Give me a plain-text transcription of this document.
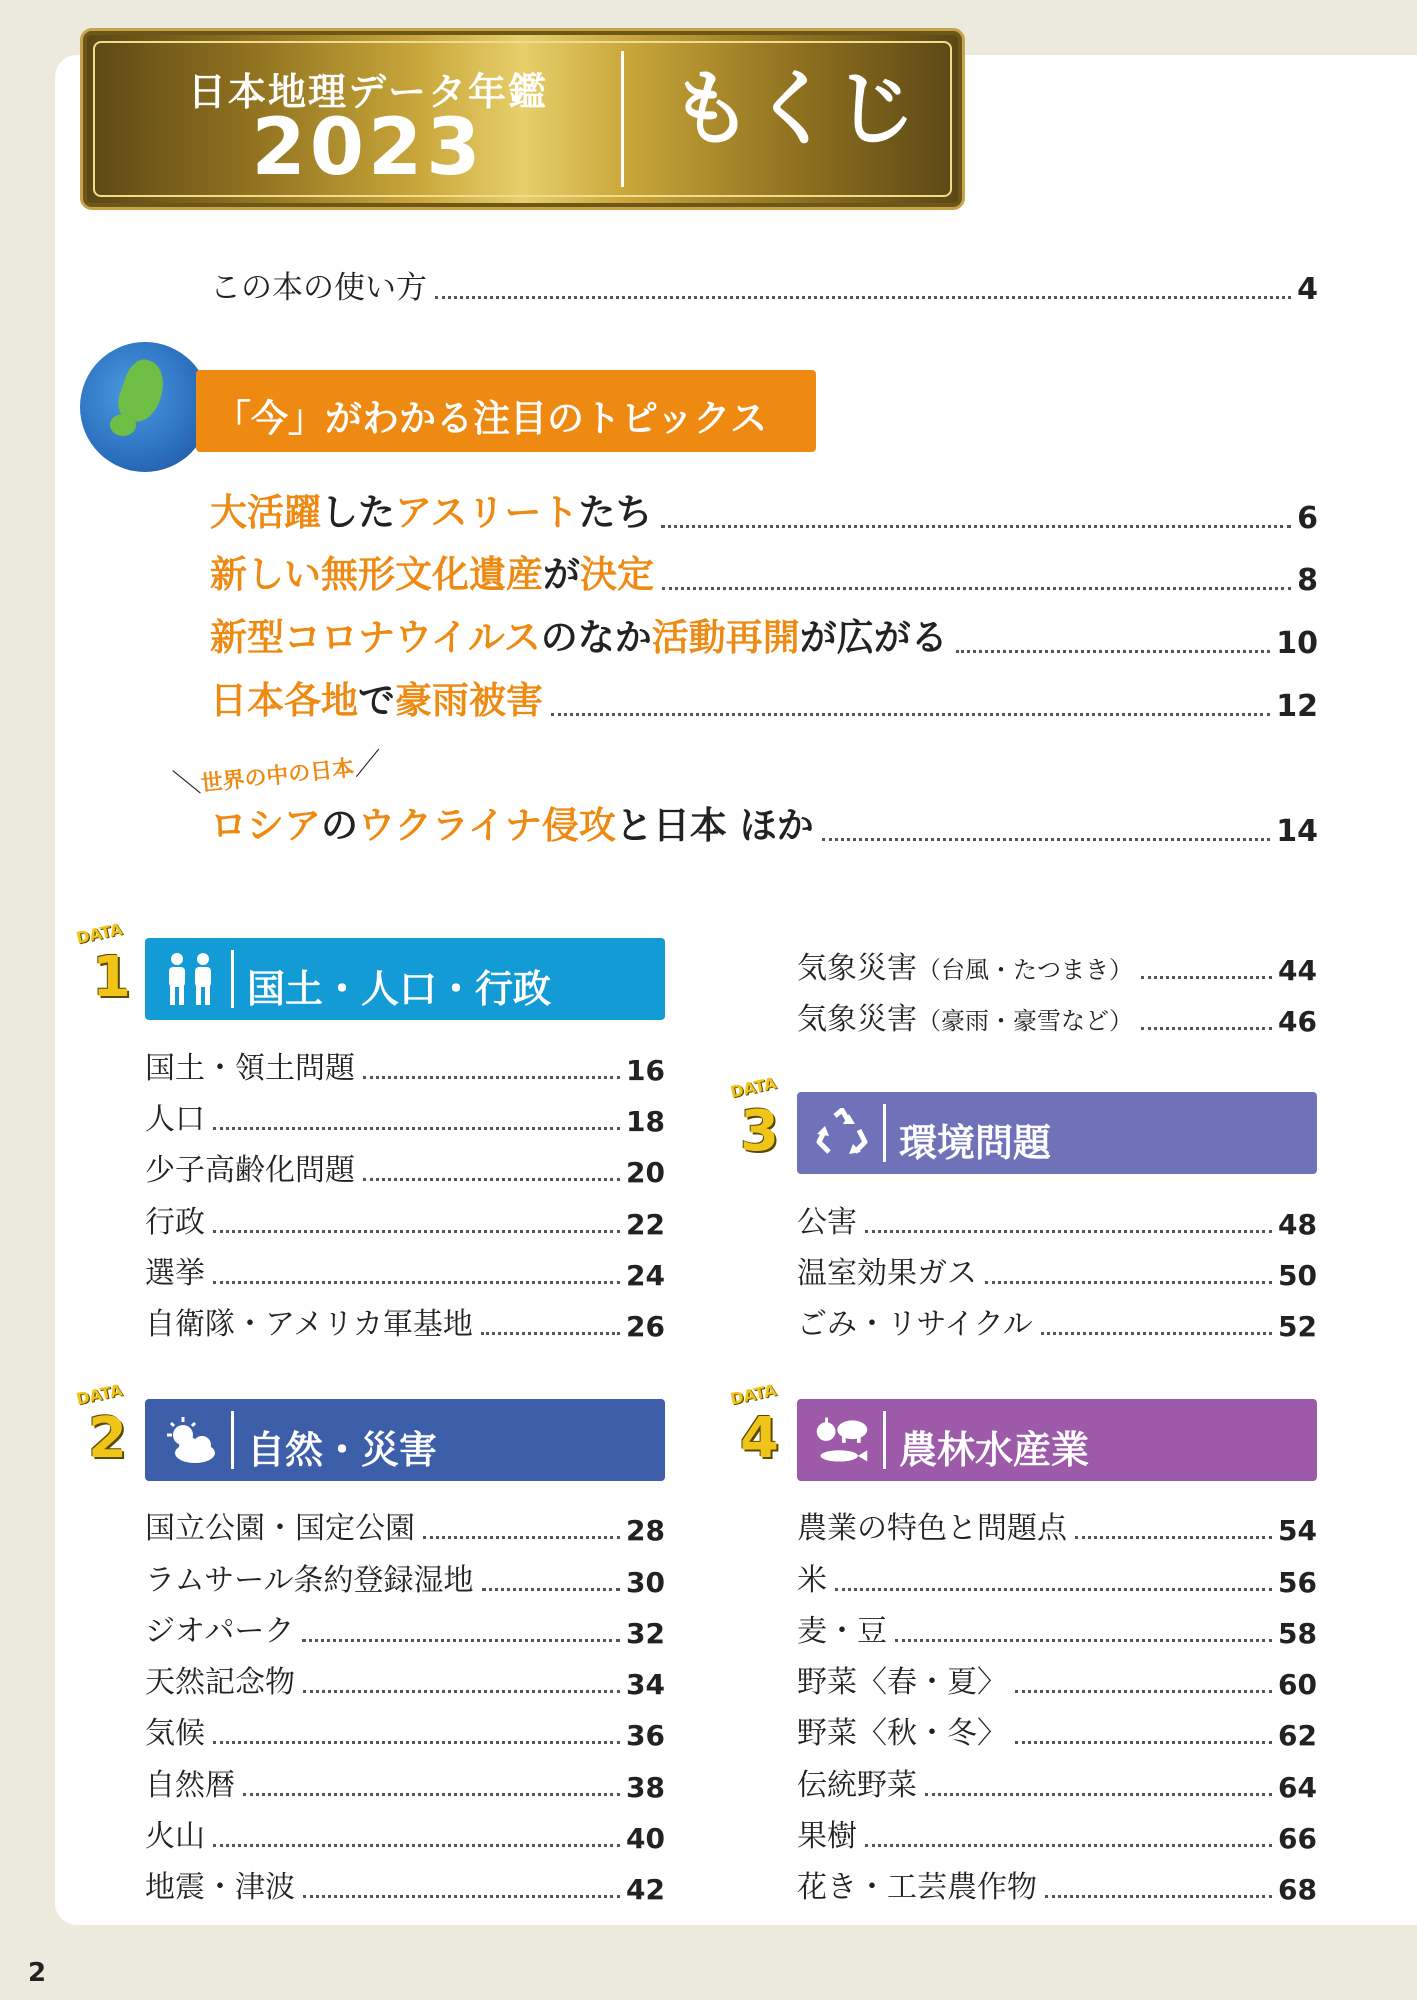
日本地理データ年鑑
2023	もくじ
この本の使い方	4
「今」がわかる注目のトピックス
大活躍したアスリートたち	6
新しい無形文化遺産が決定	8
新型コロナウイルスのなか活動再開が広がる	10
日本各地で豪雨被害	12
＼世界の中の日本／
ロシアのウクライナ侵攻と日本 ほか	14
DATA
1	国土・人口・行政
国土・領土問題	16
人口	18
少子高齢化問題	20
行政	22
選挙	24
自衛隊・アメリカ軍基地	26
DATA
2	自然・災害
国立公園・国定公園	28
ラムサール条約登録湿地	30
ジオパーク	32
天然記念物	34
気候	36
自然暦	38
火山	40
地震・津波	42
気象災害（台風・たつまき）	44
気象災害（豪雨・豪雪など）	46
DATA
3	環境問題
公害	48
温室効果ガス	50
ごみ・リサイクル	52
DATA
4	農林水産業
農業の特色と問題点	54
米	56
麦・豆	58
野菜〈春・夏〉	60
野菜〈秋・冬〉	62
伝統野菜	64
果樹	66
花き・工芸農作物	68
2
